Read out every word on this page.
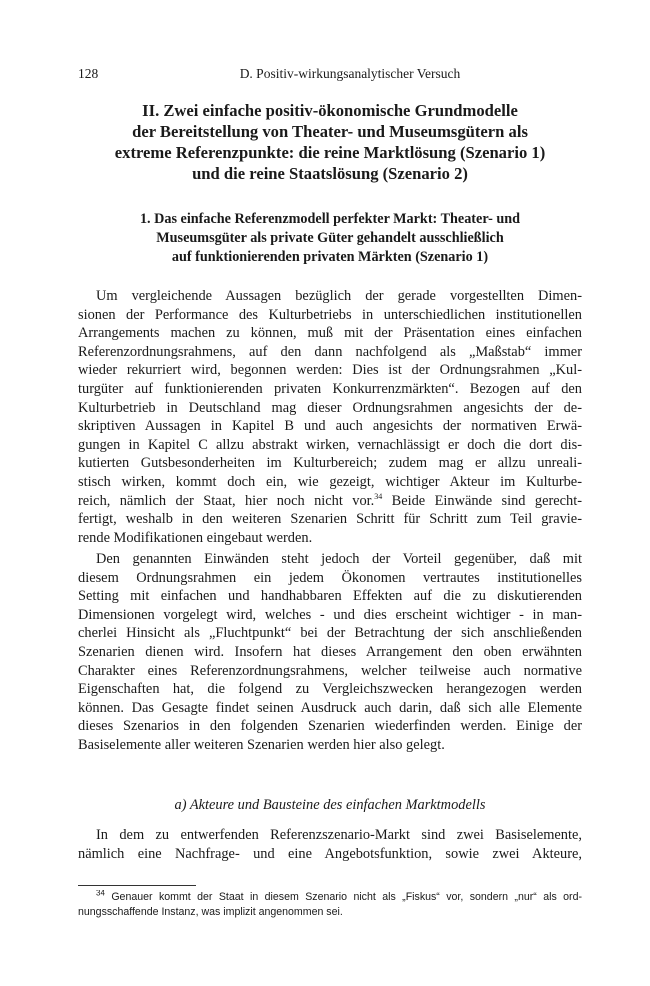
128	D. Positiv-wirkungsanalytischer Versuch
II. Zwei einfache positiv-ökonomische Grundmodelle
der Bereitstellung von Theater- und Museumsgütern als
extreme Referenzpunkte: die reine Marktlösung (Szenario 1)
und die reine Staatslösung (Szenario 2)
1. Das einfache Referenzmodell perfekter Markt: Theater- und
Museumsgüter als private Güter gehandelt ausschließlich
auf funktionierenden privaten Märkten (Szenario 1)
Um vergleichende Aussagen bezüglich der gerade vorgestellten Dimen-
sionen der Performance des Kulturbetriebs in unterschiedlichen institutionellen
Arrangements machen zu können, muß mit der Präsentation eines einfachen
Referenzordnungsrahmens, auf den dann nachfolgend als „Maßstab“ immer
wieder rekurriert wird, begonnen werden: Dies ist der Ordnungsrahmen „Kul-
turgüter auf funktionierenden privaten Konkurrenzmärkten“. Bezogen auf den
Kulturbetrieb in Deutschland mag dieser Ordnungsrahmen angesichts der de-
skriptiven Aussagen in Kapitel B und auch angesichts der normativen Erwä-
gungen in Kapitel C allzu abstrakt wirken, vernachlässigt er doch die dort dis-
kutierten Gutsbesonderheiten im Kulturbereich; zudem mag er allzu unreali-
stisch wirken, kommt doch ein, wie gezeigt, wichtiger Akteur im Kulturbe-
reich, nämlich der Staat, hier noch nicht vor.$^{34}$ Beide Einwände sind gerecht-
fertigt, weshalb in den weiteren Szenarien Schritt für Schritt zum Teil gravie-
rende Modifikationen eingebaut werden.
Den genannten Einwänden steht jedoch der Vorteil gegenüber, daß mit
diesem Ordnungsrahmen ein jedem Ökonomen vertrautes institutionelles
Setting mit einfachen und handhabbaren Effekten auf die zu diskutierenden
Dimensionen vorgelegt wird, welches - und dies erscheint wichtiger - in man-
cherlei Hinsicht als „Fluchtpunkt“ bei der Betrachtung der sich anschließenden
Szenarien dienen wird. Insofern hat dieses Arrangement den oben erwähnten
Charakter eines Referenzordnungsrahmens, welcher teilweise auch normative
Eigenschaften hat, die folgend zu Vergleichszwecken herangezogen werden
können. Das Gesagte findet seinen Ausdruck auch darin, daß sich alle Elemente
dieses Szenarios in den folgenden Szenarien wiederfinden werden. Einige der
Basiselemente aller weiteren Szenarien werden hier also gelegt.
a) Akteure und Bausteine des einfachen Marktmodells
In dem zu entwerfenden Referenzszenario-Markt sind zwei Basiselemente,
nämlich eine Nachfrage- und eine Angebotsfunktion, sowie zwei Akteure,
$^{34}$ Genauer kommt der Staat in diesem Szenario nicht als „Fiskus“ vor, sondern „nur“ als ord-
nungsschaffende Instanz, was implizit angenommen sei.
